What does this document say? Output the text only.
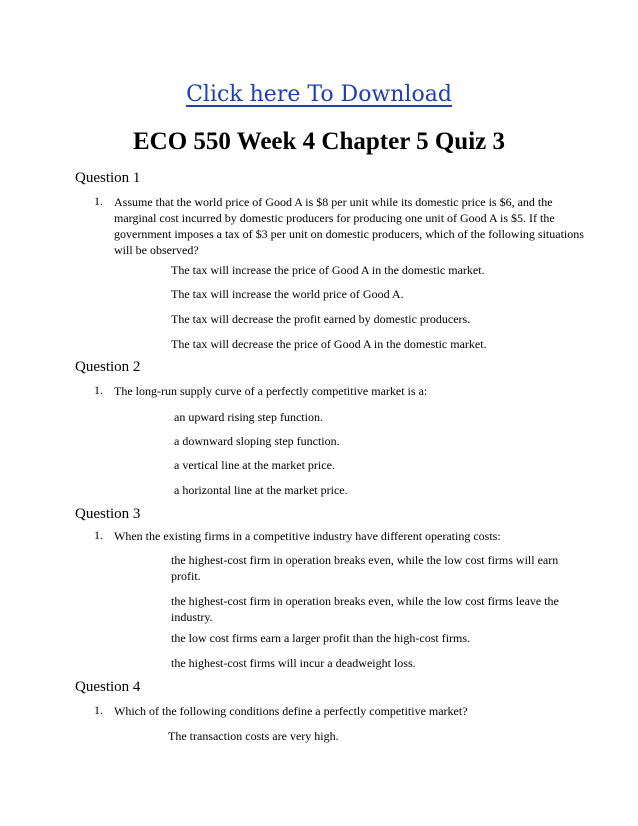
Click here To Download
ECO 550 Week 4 Chapter 5 Quiz 3
Question 1
1. Assume that the world price of Good A is $8 per unit while its domestic price is $6, and the marginal cost incurred by domestic producers for producing one unit of Good A is $5. If the government imposes a tax of $3 per unit on domestic producers, which of the following situations will be observed?
The tax will increase the price of Good A in the domestic market.
The tax will increase the world price of Good A.
The tax will decrease the profit earned by domestic producers.
The tax will decrease the price of Good A in the domestic market.
Question 2
1. The long-run supply curve of a perfectly competitive market is a:
an upward rising step function.
a downward sloping step function.
a vertical line at the market price.
a horizontal line at the market price.
Question 3
1. When the existing firms in a competitive industry have different operating costs:
the highest-cost firm in operation breaks even, while the low cost firms will earn profit.
the highest-cost firm in operation breaks even, while the low cost firms leave the industry.
the low cost firms earn a larger profit than the high-cost firms.
the highest-cost firms will incur a deadweight loss.
Question 4
1. Which of the following conditions define a perfectly competitive market?
The transaction costs are very high.
